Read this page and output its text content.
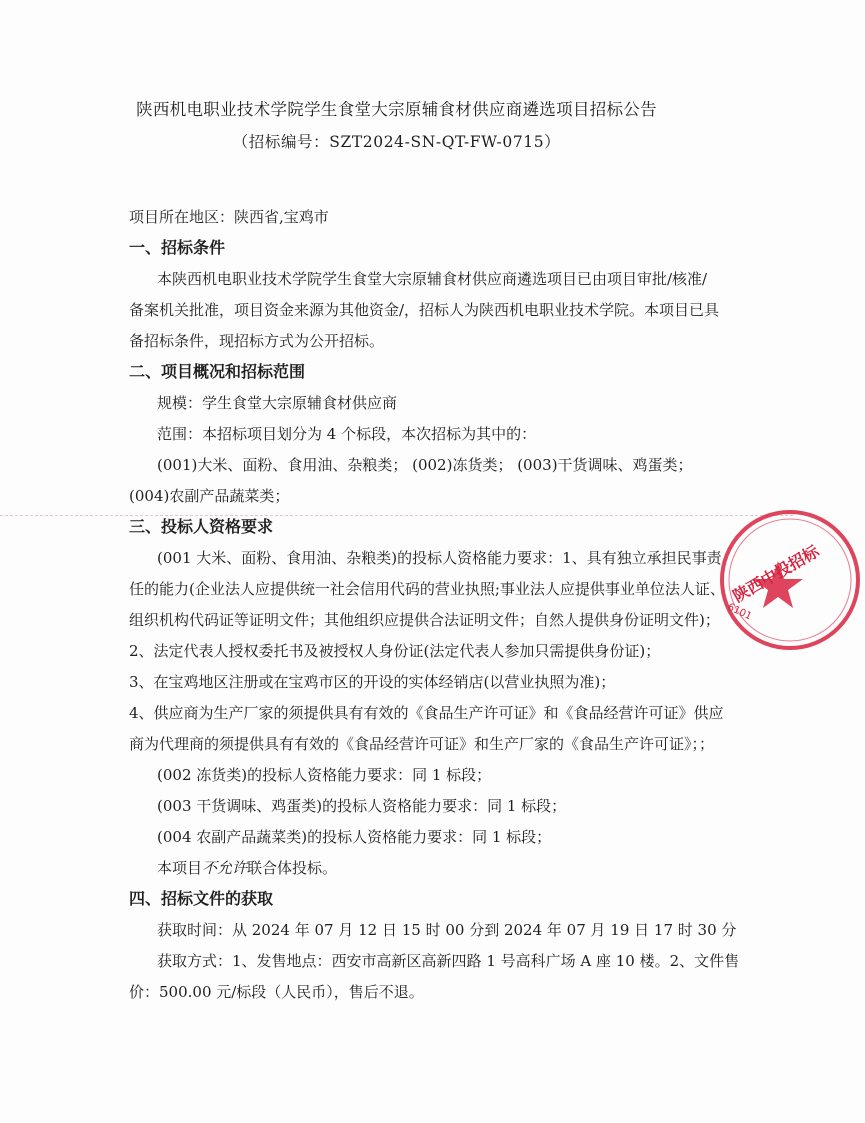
陕西机电职业技术学院学生食堂大宗原辅食材供应商遴选项目招标公告
（招标编号：SZT2024-SN-QT-FW-0715）
项目所在地区：陕西省,宝鸡市
一、招标条件
本陕西机电职业技术学院学生食堂大宗原辅食材供应商遴选项目已由项目审批/核准/
备案机关批准，项目资金来源为其他资金/，招标人为陕西机电职业技术学院。本项目已具
备招标条件，现招标方式为公开招标。
二、项目概况和招标范围
规模：学生食堂大宗原辅食材供应商
范围：本招标项目划分为 4 个标段，本次招标为其中的：
(001)大米、面粉、食用油、杂粮类； (002)冻货类； (003)干货调味、鸡蛋类；
(004)农副产品蔬菜类；
三、投标人资格要求
(001 大米、面粉、食用油、杂粮类)的投标人资格能力要求：1、具有独立承担民事责
任的能力(企业法人应提供统一社会信用代码的营业执照;事业法人应提供事业单位法人证、
组织机构代码证等证明文件；其他组织应提供合法证明文件；自然人提供身份证明文件)；
2、法定代表人授权委托书及被授权人身份证(法定代表人参加只需提供身份证)；
3、在宝鸡地区注册或在宝鸡市区的开设的实体经销店(以营业执照为准)；
4、供应商为生产厂家的须提供具有有效的《食品生产许可证》和《食品经营许可证》供应
商为代理商的须提供具有有效的《食品经营许可证》和生产厂家的《食品生产许可证》；；
(002 冻货类)的投标人资格能力要求：同 1 标段；
(003 干货调味、鸡蛋类)的投标人资格能力要求：同 1 标段；
(004 农副产品蔬菜类)的投标人资格能力要求：同 1 标段；
本项目不允许联合体投标。
四、招标文件的获取
获取时间：从 2024 年 07 月 12 日 15 时 00 分到 2024 年 07 月 19 日 17 时 30 分
获取方式：1、发售地点：西安市高新区高新四路 1 号高科广场 A 座 10 楼。2、文件售
价：500.00 元/标段（人民币），售后不退。
陕西中投招标
6101
